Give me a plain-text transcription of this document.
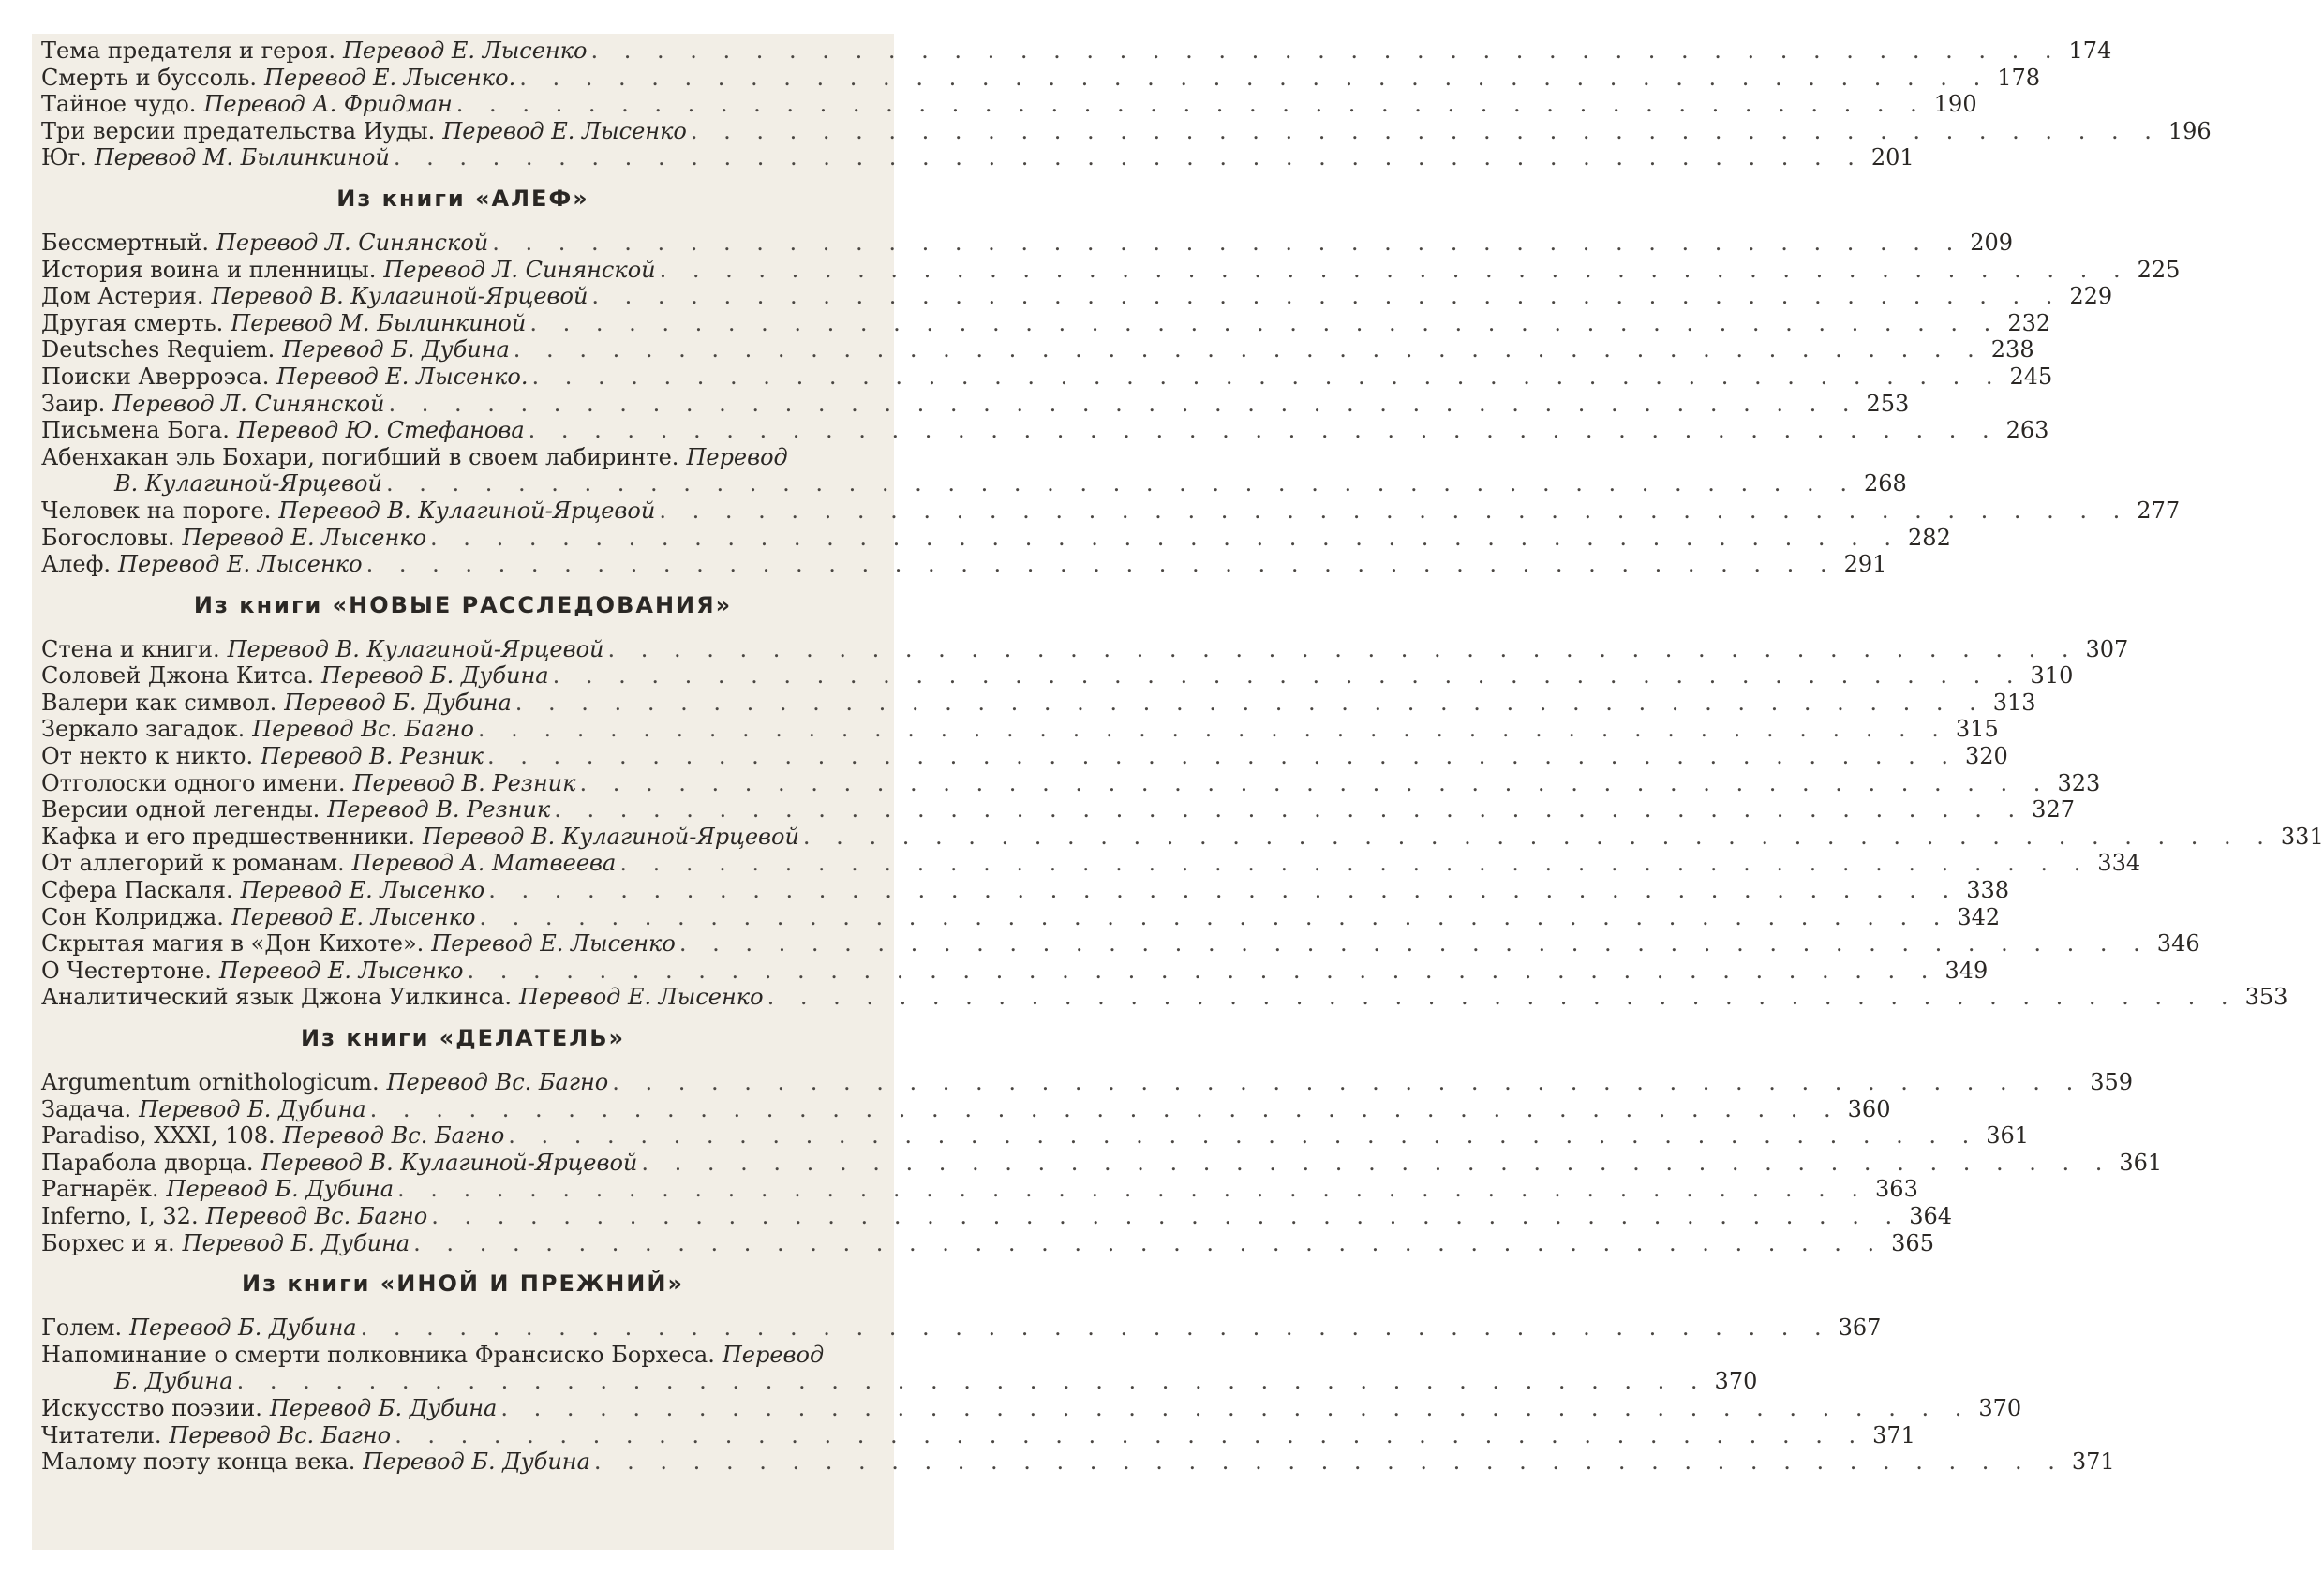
Тема предателя и героя. Перевод Е. Лысенко . . . . . . . . . . . . . . . . . . . . . . . . . . . . . . . . . . . . . . . . . . . . . 174
Смерть и буссоль. Перевод Е. Лысенко. . . . . . . . . . . . . . . . . . . . . . . . . . . . . . . . . . . . . . . . . . . . . . 178
Тайное чудо. Перевод А. Фридман . . . . . . . . . . . . . . . . . . . . . . . . . . . . . . . . . . . . . . . . . . . . . 190
Три версии предательства Иуды. Перевод Е. Лысенко . . . . . . . . . . . . . . . . . . . . . . . . . . . . . . . . . . . . . . . . . . . . . 196
Юг. Перевод М. Былинкиной . . . . . . . . . . . . . . . . . . . . . . . . . . . . . . . . . . . . . . . . . . . . . 201
Из книги «АЛЕФ»
Бессмертный. Перевод Л. Синянской . . . . . . . . . . . . . . . . . . . . . . . . . . . . . . . . . . . . . . . . . . . . . 209
История воина и пленницы. Перевод Л. Синянской . . . . . . . . . . . . . . . . . . . . . . . . . . . . . . . . . . . . . . . . . . . . . 225
Дом Астерия. Перевод В. Кулагиной-Ярцевой . . . . . . . . . . . . . . . . . . . . . . . . . . . . . . . . . . . . . . . . . . . . . 229
Другая смерть. Перевод М. Былинкиной . . . . . . . . . . . . . . . . . . . . . . . . . . . . . . . . . . . . . . . . . . . . . 232
Deutsches Requiem. Перевод Б. Дубина . . . . . . . . . . . . . . . . . . . . . . . . . . . . . . . . . . . . . . . . . . . . . 238
Поиски Аверроэса. Перевод Е. Лысенко. . . . . . . . . . . . . . . . . . . . . . . . . . . . . . . . . . . . . . . . . . . . . . 245
Заир. Перевод Л. Синянской . . . . . . . . . . . . . . . . . . . . . . . . . . . . . . . . . . . . . . . . . . . . . 253
Письмена Бога. Перевод Ю. Стефанова . . . . . . . . . . . . . . . . . . . . . . . . . . . . . . . . . . . . . . . . . . . . . 263
Абенхакан эль Бохари, погибший в своем лабиринте. Перевод
В. Кулагиной-Ярцевой . . . . . . . . . . . . . . . . . . . . . . . . . . . . . . . . . . . . . . . . . . . . . 268
Человек на пороге. Перевод В. Кулагиной-Ярцевой . . . . . . . . . . . . . . . . . . . . . . . . . . . . . . . . . . . . . . . . . . . . . 277
Богословы. Перевод Е. Лысенко . . . . . . . . . . . . . . . . . . . . . . . . . . . . . . . . . . . . . . . . . . . . . 282
Алеф. Перевод Е. Лысенко . . . . . . . . . . . . . . . . . . . . . . . . . . . . . . . . . . . . . . . . . . . . . 291
Из книги «НОВЫЕ РАССЛЕДОВАНИЯ»
Стена и книги. Перевод В. Кулагиной-Ярцевой . . . . . . . . . . . . . . . . . . . . . . . . . . . . . . . . . . . . . . . . . . . . . 307
Соловей Джона Китса. Перевод Б. Дубина . . . . . . . . . . . . . . . . . . . . . . . . . . . . . . . . . . . . . . . . . . . . . 310
Валери как символ. Перевод Б. Дубина . . . . . . . . . . . . . . . . . . . . . . . . . . . . . . . . . . . . . . . . . . . . . 313
Зеркало загадок. Перевод Вс. Багно . . . . . . . . . . . . . . . . . . . . . . . . . . . . . . . . . . . . . . . . . . . . . 315
От некто к никто. Перевод В. Резник . . . . . . . . . . . . . . . . . . . . . . . . . . . . . . . . . . . . . . . . . . . . . 320
Отголоски одного имени. Перевод В. Резник . . . . . . . . . . . . . . . . . . . . . . . . . . . . . . . . . . . . . . . . . . . . . 323
Версии одной легенды. Перевод В. Резник . . . . . . . . . . . . . . . . . . . . . . . . . . . . . . . . . . . . . . . . . . . . . 327
Кафка и его предшественники. Перевод В. Кулагиной-Ярцевой . . . . . . . . . . . . . . . . . . . . . . . . . . . . . . . . . . . . . . . . . . . . . 331
От аллегорий к романам. Перевод А. Матвеева . . . . . . . . . . . . . . . . . . . . . . . . . . . . . . . . . . . . . . . . . . . . . 334
Сфера Паскаля. Перевод Е. Лысенко . . . . . . . . . . . . . . . . . . . . . . . . . . . . . . . . . . . . . . . . . . . . . 338
Сон Колриджа. Перевод Е. Лысенко . . . . . . . . . . . . . . . . . . . . . . . . . . . . . . . . . . . . . . . . . . . . . 342
Скрытая магия в «Дон Кихоте». Перевод Е. Лысенко . . . . . . . . . . . . . . . . . . . . . . . . . . . . . . . . . . . . . . . . . . . . . 346
О Честертоне. Перевод Е. Лысенко . . . . . . . . . . . . . . . . . . . . . . . . . . . . . . . . . . . . . . . . . . . . . 349
Аналитический язык Джона Уилкинса. Перевод Е. Лысенко . . . . . . . . . . . . . . . . . . . . . . . . . . . . . . . . . . . . . . . . . . . . . 353
Из книги «ДЕЛАТЕЛЬ»
Argumentum ornithologicum. Перевод Вс. Багно . . . . . . . . . . . . . . . . . . . . . . . . . . . . . . . . . . . . . . . . . . . . . 359
Задача. Перевод Б. Дубина . . . . . . . . . . . . . . . . . . . . . . . . . . . . . . . . . . . . . . . . . . . . . 360
Paradiso, XXXI, 108. Перевод Вс. Багно . . . . . . . . . . . . . . . . . . . . . . . . . . . . . . . . . . . . . . . . . . . . . 361
Парабола дворца. Перевод В. Кулагиной-Ярцевой . . . . . . . . . . . . . . . . . . . . . . . . . . . . . . . . . . . . . . . . . . . . . 361
Рагнарёк. Перевод Б. Дубина . . . . . . . . . . . . . . . . . . . . . . . . . . . . . . . . . . . . . . . . . . . . . 363
Inferno, I, 32. Перевод Вс. Багно . . . . . . . . . . . . . . . . . . . . . . . . . . . . . . . . . . . . . . . . . . . . . 364
Борхес и я. Перевод Б. Дубина . . . . . . . . . . . . . . . . . . . . . . . . . . . . . . . . . . . . . . . . . . . . . 365
Из книги «ИНОЙ И ПРЕЖНИЙ»
Голем. Перевод Б. Дубина . . . . . . . . . . . . . . . . . . . . . . . . . . . . . . . . . . . . . . . . . . . . . 367
Напоминание о смерти полковника Франсиско Борхеса. Перевод
Б. Дубина . . . . . . . . . . . . . . . . . . . . . . . . . . . . . . . . . . . . . . . . . . . . . 370
Искусство поэзии. Перевод Б. Дубина . . . . . . . . . . . . . . . . . . . . . . . . . . . . . . . . . . . . . . . . . . . . . 370
Читатели. Перевод Вс. Багно . . . . . . . . . . . . . . . . . . . . . . . . . . . . . . . . . . . . . . . . . . . . . 371
Малому поэту конца века. Перевод Б. Дубина . . . . . . . . . . . . . . . . . . . . . . . . . . . . . . . . . . . . . . . . . . . . . 371
